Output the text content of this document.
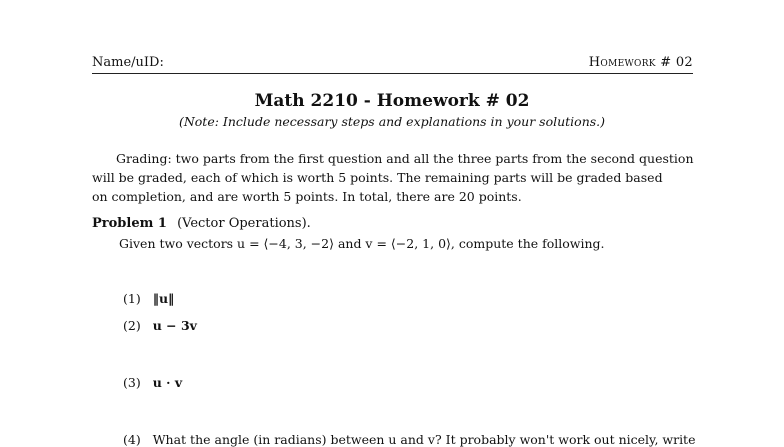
Name/uID:	Homework # 02
Math 2210 - Homework # 02
(Note: Include necessary steps and explanations in your solutions.)
Grading: two parts from the first question and all the three parts from the second question
will be graded, each of which is worth 5 points. The remaining parts will be graded based
on completion, and are worth 5 points. In total, there are 20 points.
Problem 1 (Vector Operations).
Given two vectors u = ⟨−4, 3, −2⟩ and v = ⟨−2, 1, 0⟩, compute the following.
(1) ‖u‖
(2) u − 3v
(3) u · v
(4) What the angle (in radians) between u and v? It probably won't work out nicely, write
